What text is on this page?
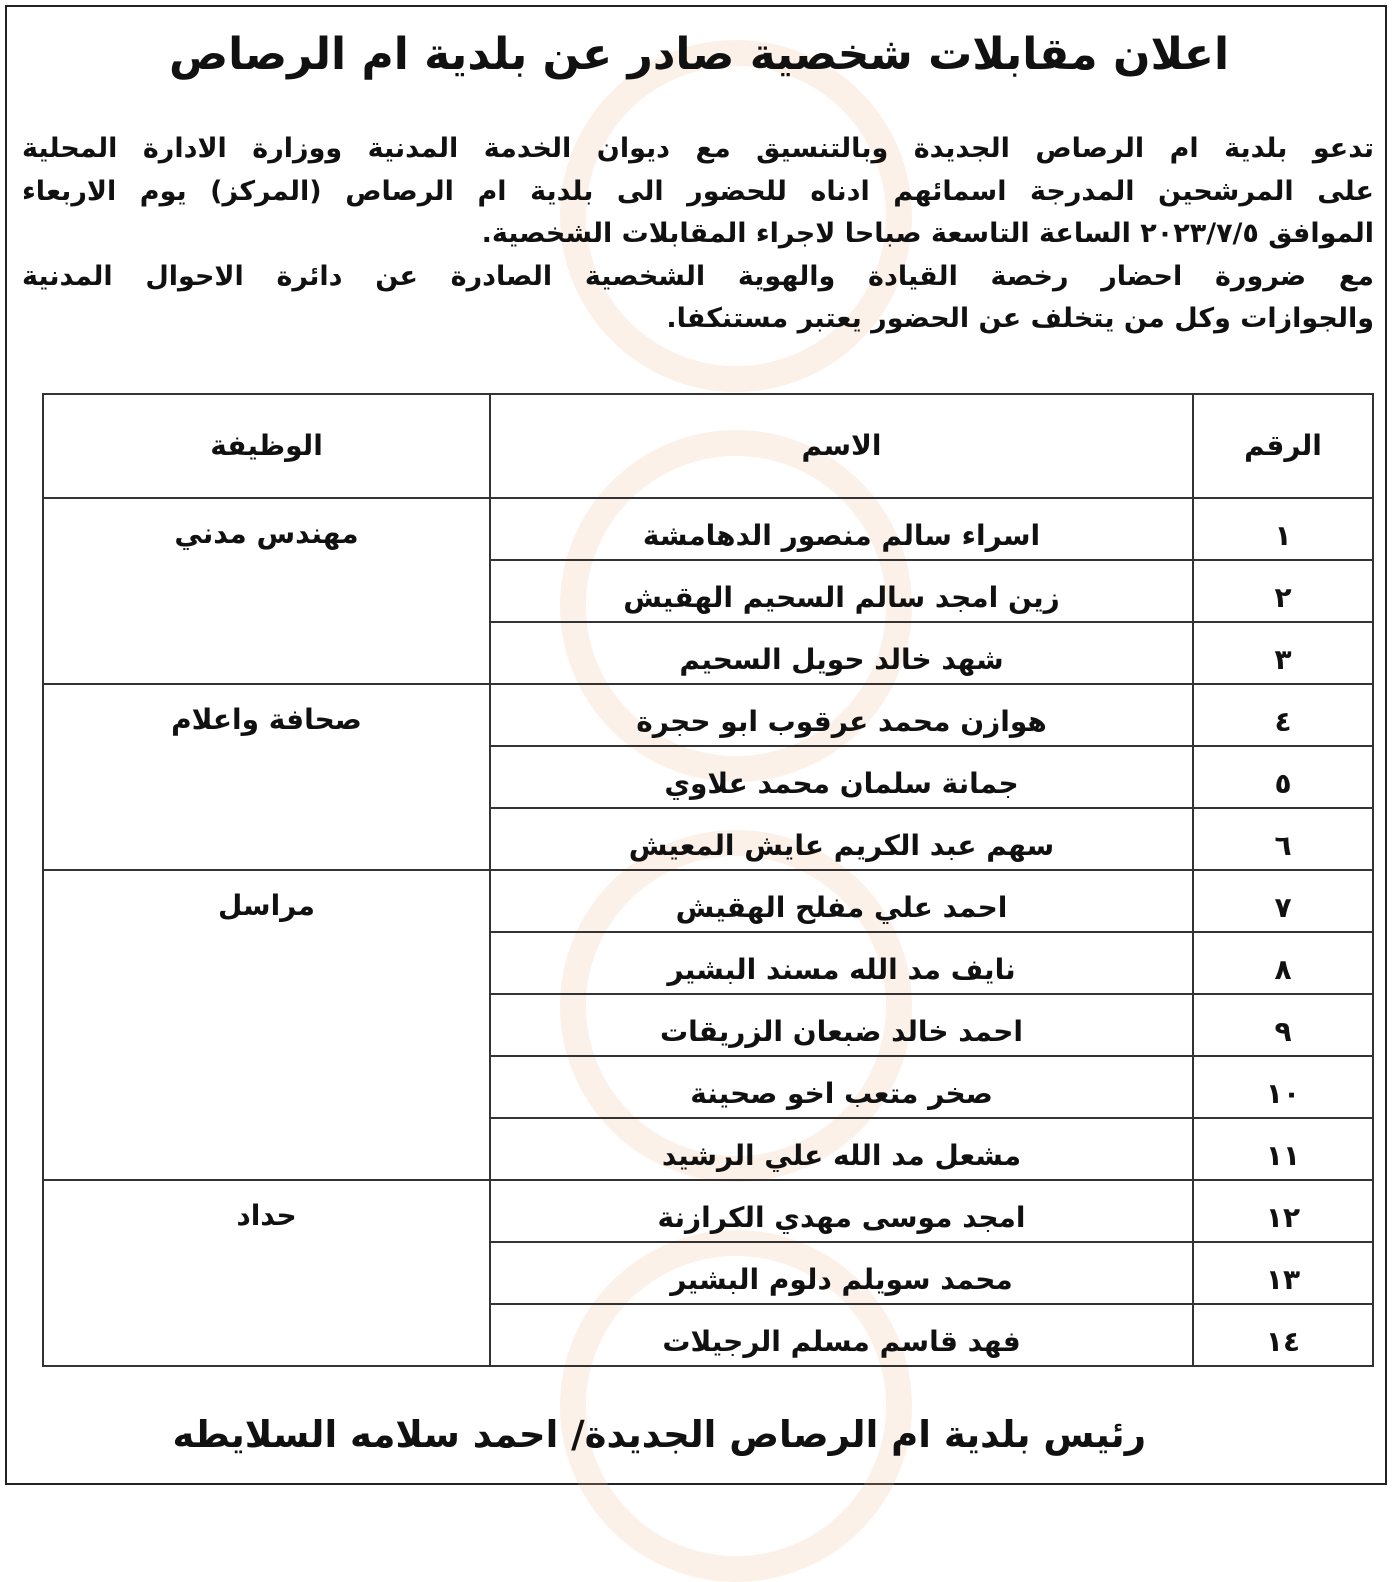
اعلان مقابلات شخصية صادر عن بلدية ام الرصاص
تدعو بلدية ام الرصاص الجديدة وبالتنسيق مع ديوان الخدمة المدنية ووزارة الادارة المحلية
على المرشحين المدرجة اسمائهم ادناه للحضور الى بلدية ام الرصاص (المركز) يوم الاربعاء
الموافق ٢٠٢٣/٧/٥ الساعة التاسعة صباحا لاجراء المقابلات الشخصية.
مع ضرورة احضار رخصة القيادة والهوية الشخصية الصادرة عن دائرة الاحوال المدنية
والجوازات وكل من يتخلف عن الحضور يعتبر مستنكفا.
الرقم	الاسم	الوظيفة
١	اسراء سالم منصور الدهامشة	مهندس مدني
٢	زين امجد سالم السحيم الهقيش	
٣	شهد خالد حويل السحيم	
٤	هوازن محمد عرقوب ابو حجرة	صحافة واعلام
٥	جمانة سلمان محمد علاوي	
٦	سهم عبد الكريم عايش المعيش	
٧	احمد علي مفلح الهقيش	مراسل
٨	نايف مد الله مسند البشير	
٩	احمد خالد ضبعان الزريقات	
١٠	صخر متعب اخو صحينة	
١١	مشعل مد الله علي الرشيد	
١٢	امجد موسى مهدي الكرازنة	حداد
١٣	محمد سويلم دلوم البشير	
١٤	فهد قاسم مسلم الرجيلات	
رئيس بلدية ام الرصاص الجديدة/ احمد سلامه السلايطه
